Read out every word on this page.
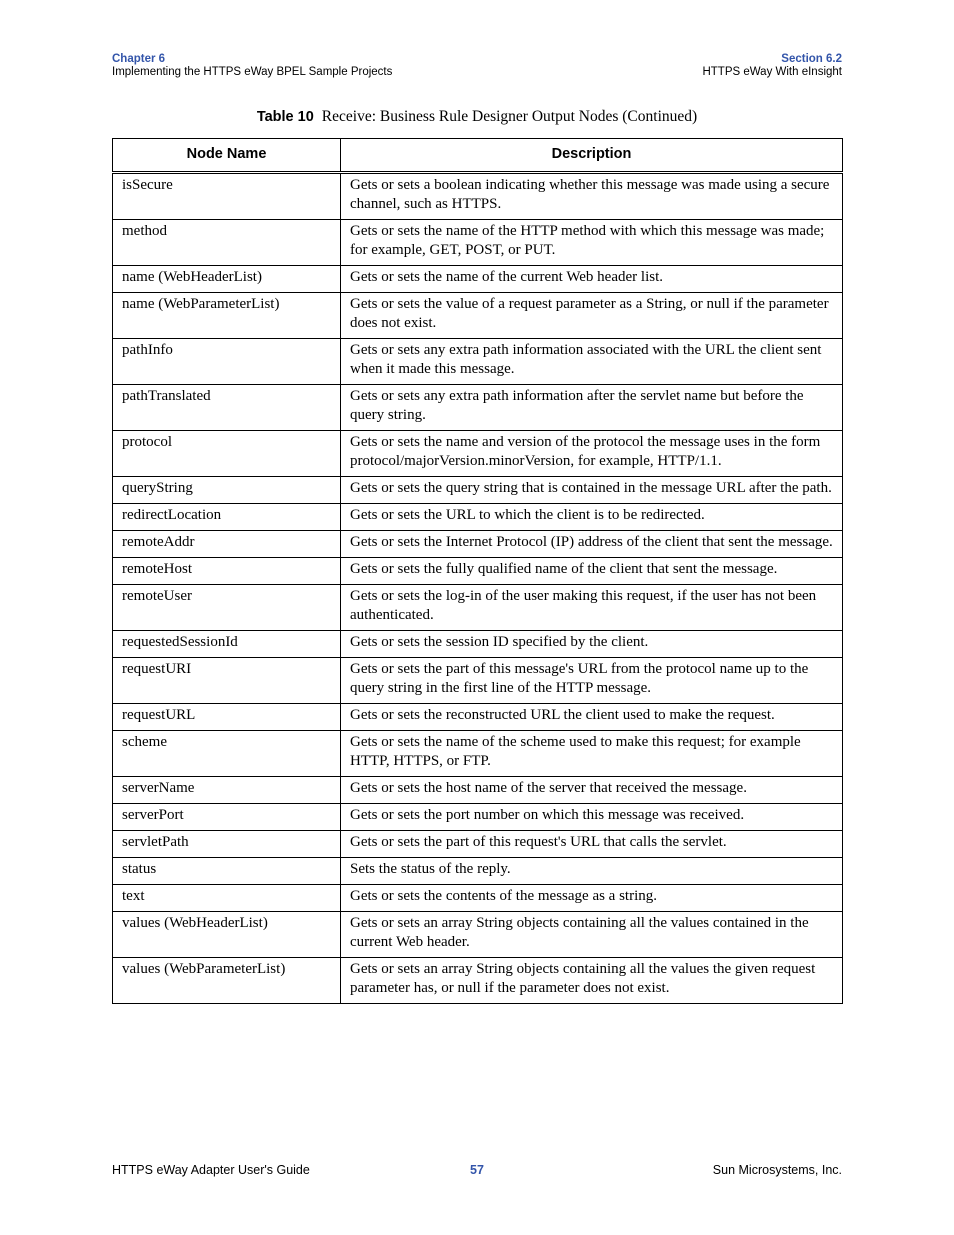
Chapter 6
Implementing the HTTPS eWay BPEL Sample Projects
Section 6.2
HTTPS eWay With eInsight
Table 10 Receive: Business Rule Designer Output Nodes (Continued)
Node Name	Description
isSecure	Gets or sets a boolean indicating whether this message was made using a secure channel, such as HTTPS.
method	Gets or sets the name of the HTTP method with which this message was made; for example, GET, POST, or PUT.
name (WebHeaderList)	Gets or sets the name of the current Web header list.
name (WebParameterList)	Gets or sets the value of a request parameter as a String, or null if the parameter does not exist.
pathInfo	Gets or sets any extra path information associated with the URL the client sent when it made this message.
pathTranslated	Gets or sets any extra path information after the servlet name but before the query string.
protocol	Gets or sets the name and version of the protocol the message uses in the form protocol/majorVersion.minorVersion, for example, HTTP/1.1.
queryString	Gets or sets the query string that is contained in the message URL after the path.
redirectLocation	Gets or sets the URL to which the client is to be redirected.
remoteAddr	Gets or sets the Internet Protocol (IP) address of the client that sent the message.
remoteHost	Gets or sets the fully qualified name of the client that sent the message.
remoteUser	Gets or sets the log-in of the user making this request, if the user has not been authenticated.
requestedSessionId	Gets or sets the session ID specified by the client.
requestURI	Gets or sets the part of this message's URL from the protocol name up to the query string in the first line of the HTTP message.
requestURL	Gets or sets the reconstructed URL the client used to make the request.
scheme	Gets or sets the name of the scheme used to make this request; for example HTTP, HTTPS, or FTP.
serverName	Gets or sets the host name of the server that received the message.
serverPort	Gets or sets the port number on which this message was received.
servletPath	Gets or sets the part of this request's URL that calls the servlet.
status	Sets the status of the reply.
text	Gets or sets the contents of the message as a string.
values (WebHeaderList)	Gets or sets an array String objects containing all the values contained in the current Web header.
values (WebParameterList)	Gets or sets an array String objects containing all the values the given request parameter has, or null if the parameter does not exist.
HTTPS eWay Adapter User's Guide	57	Sun Microsystems, Inc.
